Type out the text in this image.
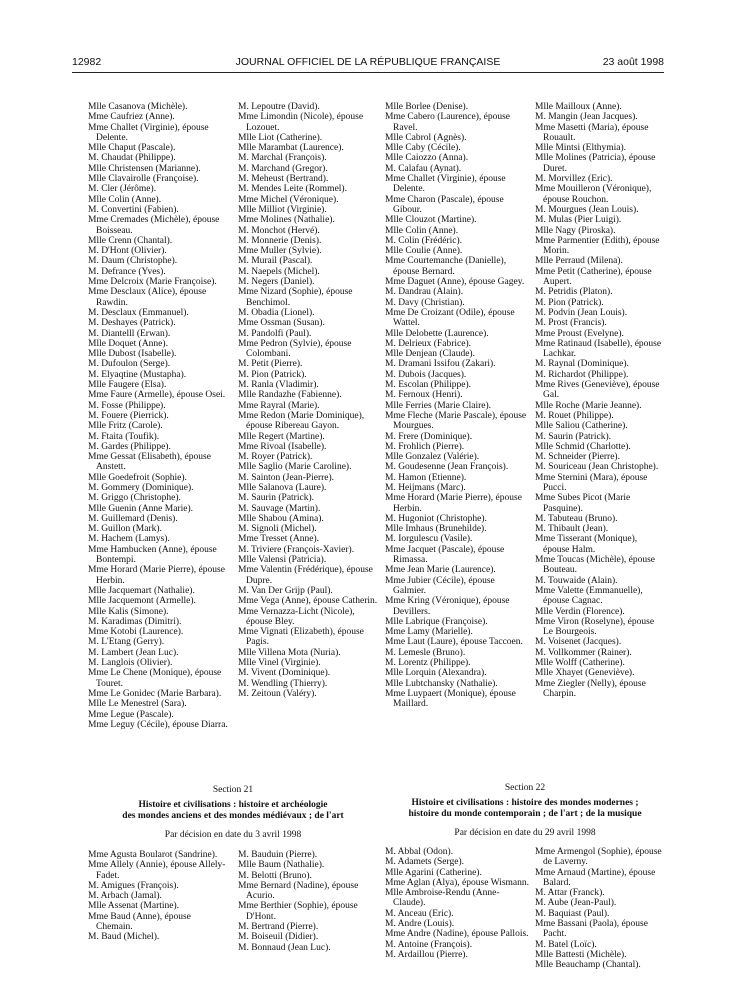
12982	JOURNAL OFFICIEL DE LA RÉPUBLIQUE FRANÇAISE	23 août 1998
Mlle Casanova (Michèle).
Mme Caufriez (Anne).
Mme Challet (Virginie), épouse Delente.
Mlle Chaput (Pascale).
M. Chaudat (Philippe).
Mlle Christensen (Marianne).
Mlle Clavairolle (Françoise).
M. Cler (Jérôme).
Mlle Colin (Anne).
M. Convertini (Fabien).
Mme Cremades (Michèle), épouse Boisseau.
Mlle Crenn (Chantal).
M. D'Hont (Olivier).
M. Daum (Christophe).
M. Defrance (Yves).
Mme Delcroix (Marie Françoise).
Mme Desclaux (Alice), épouse Rawdin.
M. Desclaux (Emmanuel).
M. Deshayes (Patrick).
M. Diantelll (Erwan).
Mlle Doquet (Anne).
Mlle Dubost (Isabelle).
M. Dufoulon (Serge).
M. Elyaqtine (Mustapha).
Mlle Faugere (Elsa).
Mme Faure (Armelle), épouse Osei.
M. Fosse (Philippe).
M. Fouere (Pierrick).
Mlle Fritz (Carole).
M. Ftaita (Toufik).
M. Gardes (Philippe).
Mme Gessat (Elisabeth), épouse Anstett.
Mlle Goedefroit (Sophie).
M. Gommery (Dominique).
M. Griggo (Christophe).
Mlle Guenin (Anne Marie).
M. Guillemard (Denis).
M. Guillon (Mark).
M. Hachem (Lamys).
Mme Hambucken (Anne), épouse Bontempi.
Mme Horard (Marie Pierre), épouse Herbin.
Mlle Jacquemart (Nathalie).
Mlle Jacquemont (Armelle).
Mlle Kalis (Simone).
M. Karadimas (Dimitri).
Mme Kotobi (Laurence).
M. L'Etang (Gerry).
M. Lambert (Jean Luc).
M. Langlois (Olivier).
Mme Le Chene (Monique), épouse Touret.
Mme Le Gonidec (Marie Barbara).
Mlle Le Menestrel (Sara).
Mme Legue (Pascale).
Mme Leguy (Cécile), épouse Diarra.
M. Lepoutre (David).
Mme Limondin (Nicole), épouse Lozouet.
Mlle Liot (Catherine).
Mlle Marambat (Laurence).
M. Marchal (François).
M. Marchand (Gregor).
M. Meheust (Bertrand).
M. Mendes Leite (Rommel).
Mme Michel (Véronique).
Mlle Milliot (Virginie).
Mme Molines (Nathalie).
M. Monchot (Hervé).
M. Monnerie (Denis).
Mme Muller (Sylvie).
M. Murail (Pascal).
M. Naepels (Michel).
M. Negers (Daniel).
Mme Nizard (Sophie), épouse Benchimol.
M. Obadia (Lionel).
Mme Ossman (Susan).
M. Pandolfi (Paul).
Mme Pedron (Sylvie), épouse Colombani.
M. Petit (Pierre).
M. Pion (Patrick).
M. Ranla (Vladimir).
Mlle Randazhe (Fabienne).
Mme Rayral (Marie).
Mme Redon (Marie Dominique), épouse Ribereau Gayon.
Mlle Regert (Martine).
Mme Rivoal (Isabelle).
M. Royer (Patrick).
Mlle Saglio (Marie Caroline).
M. Sainton (Jean-Pierre).
Mlle Salanova (Laure).
M. Saurin (Patrick).
M. Sauvage (Martin).
Mlle Shabou (Amina).
M. Signoli (Michel).
Mme Tresset (Anne).
M. Triviere (François-Xavier).
Mlle Valensi (Patricia).
Mme Valentin (Frédérique), épouse Dupre.
M. Van Der Grijp (Paul).
Mme Vega (Anne), épouse Catherin.
Mme Vernazza-Licht (Nicole), épouse Bley.
Mme Vignati (Elizabeth), épouse Pagis.
Mlle Villena Mota (Nuria).
Mlle Vinel (Virginie).
M. Vivent (Dominique).
M. Wendling (Thierry).
M. Zeitoun (Valéry).
Mlle Borlee (Denise).
Mme Cabero (Laurence), épouse Ravel.
Mlle Cabrol (Agnès).
Mlle Caby (Cécile).
Mlle Caiozzo (Anna).
M. Calafau (Aynat).
Mme Challet (Virginie), épouse Delente.
Mme Charon (Pascale), épouse Gibour.
Mlle Clouzot (Martine).
Mlle Colin (Anne).
M. Colin (Frédéric).
Mlle Coulie (Anne).
Mme Courtemanche (Danielle), épouse Bernard.
Mme Daguet (Anne), épouse Gagey.
M. Dandrau (Alain).
M. Davy (Christian).
Mme De Croizant (Odile), épouse Wattel.
Mlle Delobette (Laurence).
M. Delrieux (Fabrice).
Mlle Denjean (Claude).
M. Dramani Issifou (Zakari).
M. Dubois (Jacques).
M. Escolan (Philippe).
M. Fernoux (Henri).
Mlle Ferries (Marie Claire).
Mme Fleche (Marie Pascale), épouse Mourgues.
M. Frere (Dominique).
M. Frohlich (Pierre).
Mlle Gonzalez (Valérie).
M. Goudesenne (Jean François).
M. Hamon (Etienne).
M. Heijmans (Marc).
Mme Horard (Marie Pierre), épouse Herbin.
M. Hugoniot (Christophe).
Mlle Imhaus (Brunehilde).
M. Iorgulescu (Vasile).
Mme Jacquet (Pascale), épouse Rimassa.
Mme Jean Marie (Laurence).
Mme Jubier (Cécile), épouse Galmier.
Mme Kring (Véronique), épouse Devillers.
Mlle Labrique (Françoise).
Mme Lamy (Marielle).
Mme Laut (Laure), épouse Taccoen.
M. Lemesle (Bruno).
M. Lorentz (Philippe).
Mlle Lorquin (Alexandra).
Mlle Lubtchansky (Nathalie).
Mme Luypaert (Monique), épouse Maillard.
Mlle Mailloux (Anne).
M. Mangin (Jean Jacques).
Mme Masetti (Maria), épouse Rouault.
Mlle Mintsi (Elthymia).
Mlle Molines (Patricia), épouse Duret.
M. Morvillez (Eric).
Mme Mouilleron (Véronique), épouse Rouchon.
M. Mourgues (Jean Louis).
M. Mulas (Pier Luigi).
Mlle Nagy (Piroska).
Mme Parmentier (Edith), épouse Morin.
Mlle Perraud (Milena).
Mme Petit (Catherine), épouse Aupert.
M. Petridis (Platon).
M. Pion (Patrick).
M. Podvin (Jean Louis).
M. Prost (Francis).
Mme Proust (Evelyne).
Mme Ratinaud (Isabelle), épouse Lachkar.
M. Raynal (Dominique).
M. Richardot (Philippe).
Mme Rives (Geneviève), épouse Gal.
Mlle Roche (Marie Jeanne).
M. Rouet (Philippe).
Mlle Saliou (Catherine).
M. Saurin (Patrick).
Mlle Schmid (Charlotte).
M. Schneider (Pierre).
M. Souriceau (Jean Christophe).
Mme Sternini (Mara), épouse Pucci.
Mme Subes Picot (Marie Pasquine).
M. Tabuteau (Bruno).
M. Thibault (Jean).
Mme Tisserant (Monique), épouse Halm.
Mme Toucas (Michèle), épouse Bouteau.
M. Touwaide (Alain).
Mme Valette (Emmanuelle), épouse Cagnac.
Mlle Verdin (Florence).
Mme Viron (Roselyne), épouse Le Bourgeois.
M. Voisenet (Jacques).
M. Vollkommer (Rainer).
Mlle Wolff (Catherine).
Mlle Xhayet (Geneviève).
Mme Ziegler (Nelly), épouse Charpin.

Section 21

Histoire et civilisations : histoire et archéologie

des mondes anciens et des mondes médiévaux ; de l'art

Par décision en date du 3 avril 1998

Mme Agusta Boularot (Sandrine).
Mme Allely (Annie), épouse Allely-Fadet.
M. Amigues (François).
M. Arbach (Jamal).
Mlle Assenat (Martine).
Mme Baud (Anne), épouse Chemain.
M. Baud (Michel).
M. Bauduin (Pierre).
Mlle Baum (Nathalie).
M. Belotti (Bruno).
Mme Bernard (Nadine), épouse Acurio.
Mme Berthier (Sophie), épouse D'Hont.
M. Bertrand (Pierre).
M. Boiseuil (Didier).
M. Bonnaud (Jean Luc).

Section 22

Histoire et civilisations : histoire des mondes modernes ;

histoire du monde contemporain ; de l'art ; de la musique

Par décision en date du 29 avril 1998

M. Abbal (Odon).
M. Adamets (Serge).
Mlle Agarini (Catherine).
Mme Aglan (Alya), épouse Wismann.
Mlle Ambroise-Rendu (Anne-Claude).
M. Anceau (Eric).
M. Andre (Louis).
Mme Andre (Nadine), épouse Pallois.
M. Antoine (François).
M. Ardaillou (Pierre).
Mme Armengol (Sophie), épouse de Laverny.
Mme Arnaud (Martine), épouse Balard.
M. Attar (Franck).
M. Aube (Jean-Paul).
M. Baquiast (Paul).
Mme Bassani (Paola), épouse Pacht.
M. Batel (Loïc).
Mlle Battesti (Michèle).
Mlle Beauchamp (Chantal).
